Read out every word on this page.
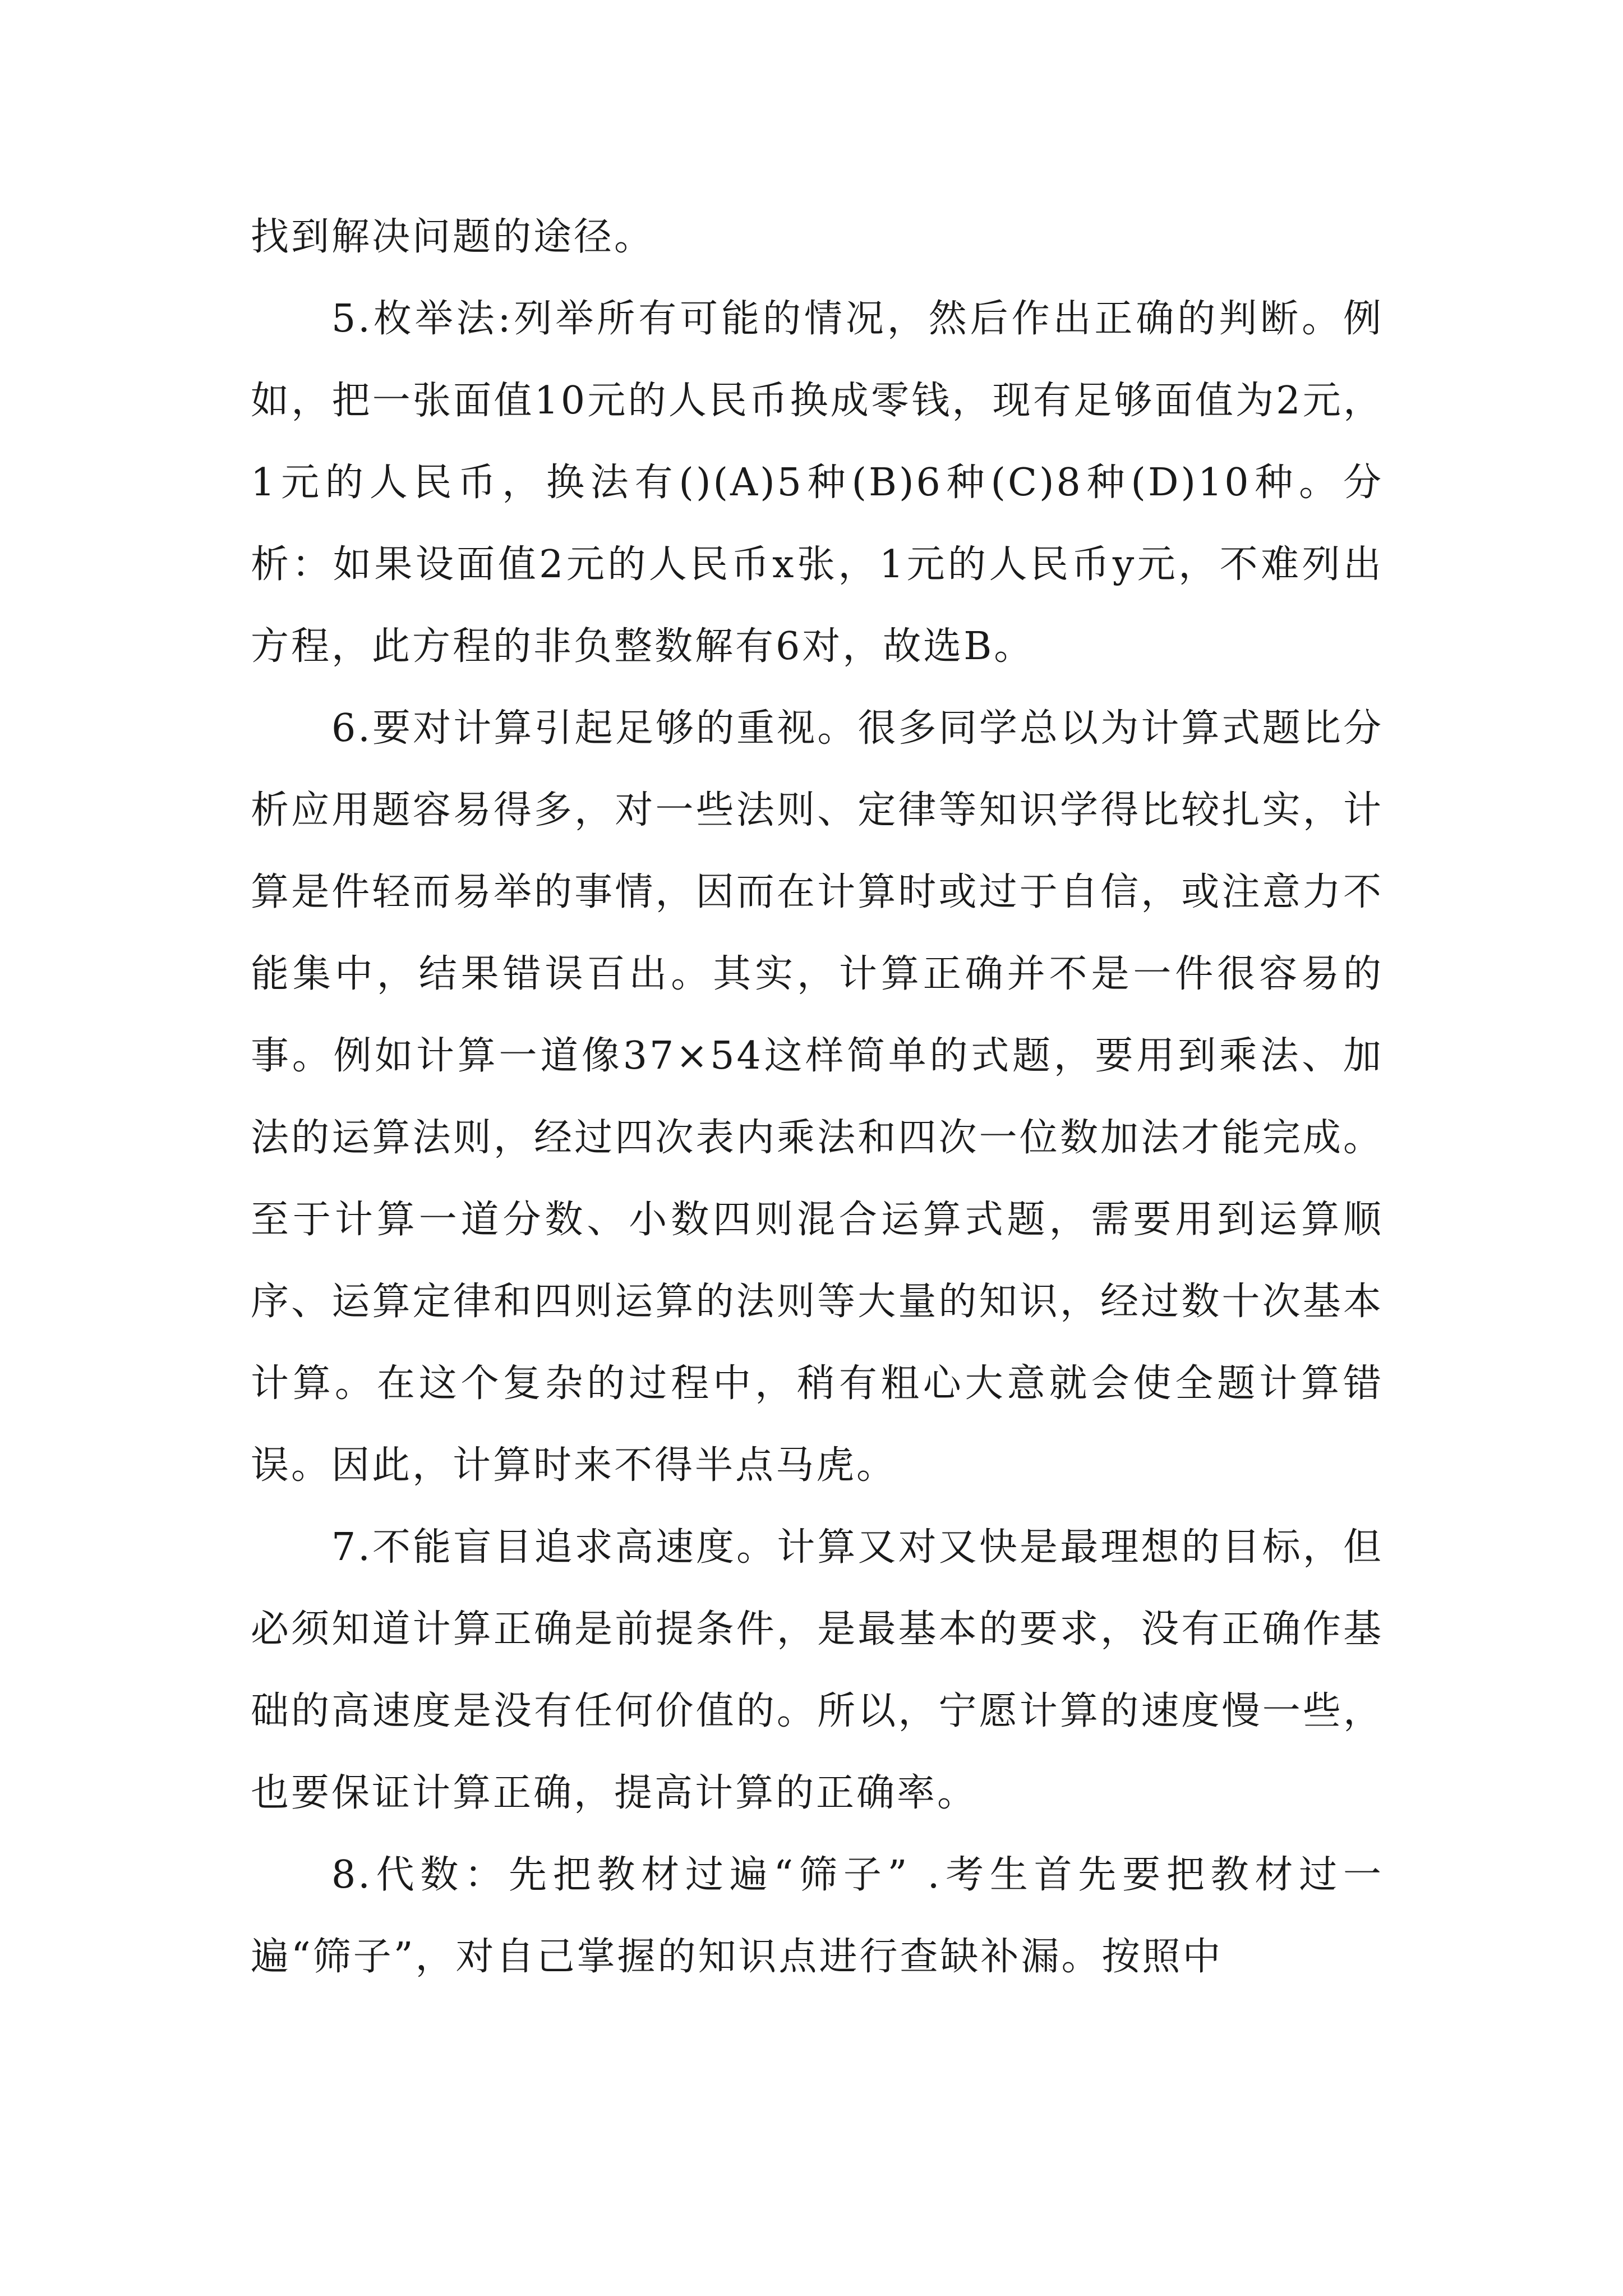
找到解决问题的途径。

5.枚举法:列举所有可能的情况，然后作出正确的判断。例如，把一张面值10元的人民币换成零钱，现有足够面值为2元，1元的人民币，换法有()(A)5种(B)6种(C)8种(D)10种。分析：如果设面值2元的人民币x张，1元的人民币y元，不难列出方程，此方程的非负整数解有6对，故选B。

6.要对计算引起足够的重视。很多同学总以为计算式题比分析应用题容易得多，对一些法则、定律等知识学得比较扎实，计算是件轻而易举的事情，因而在计算时或过于自信，或注意力不能集中，结果错误百出。其实，计算正确并不是一件很容易的事。例如计算一道像37×54这样简单的式题，要用到乘法、加法的运算法则，经过四次表内乘法和四次一位数加法才能完成。至于计算一道分数、小数四则混合运算式题，需要用到运算顺序、运算定律和四则运算的法则等大量的知识，经过数十次基本计算。在这个复杂的过程中，稍有粗心大意就会使全题计算错误。因此，计算时来不得半点马虎。

7.不能盲目追求高速度。计算又对又快是最理想的目标，但必须知道计算正确是前提条件，是最基本的要求，没有正确作基础的高速度是没有任何价值的。所以，宁愿计算的速度慢一些，也要保证计算正确，提高计算的正确率。

8.代数：先把教材过遍“筛子” .考生首先要把教材过一遍“筛子”，对自己掌握的知识点进行查缺补漏。按照中
